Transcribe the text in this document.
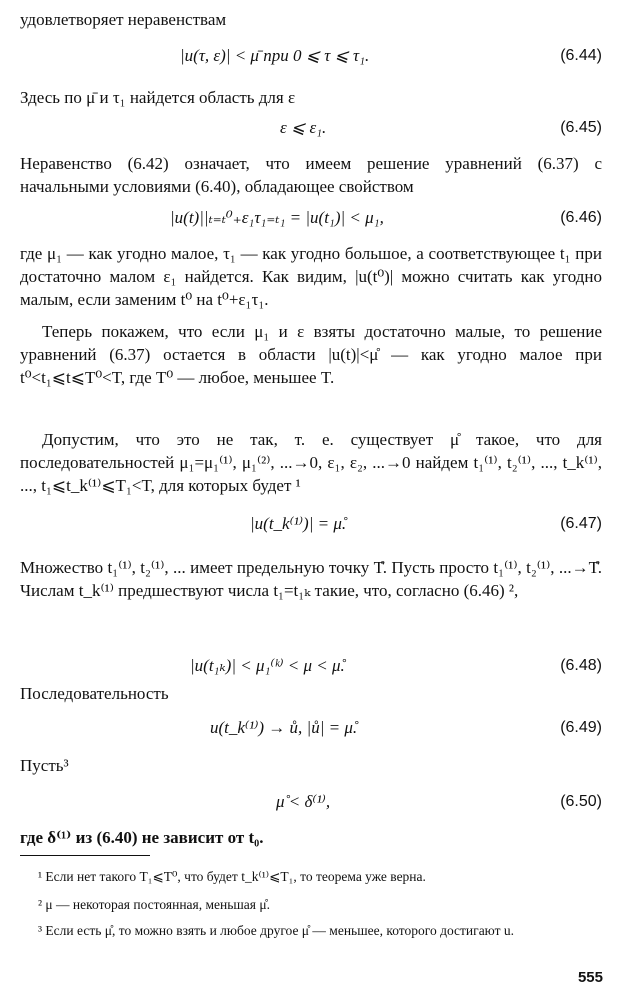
удовлетворяет неравенствам

|u(τ, ε)| < μ̄ при 0 ⩽ τ ⩽ τ₁.	(6.44)

Здесь по μ̄ и τ₁ найдется область для ε

ε ⩽ ε₁.	(6.45)

Неравенство (6.42) означает, что имеем решение уравнений (6.37) с начальными условиями (6.40), обладающее свойством

|u(t)||ₜ₌ₜ⁰₊ε₁τ₁₌ₜ₁ = |u(t₁)| < μ₁,	(6.46)

где μ₁ — как угодно малое, τ₁ — как угодно большое, а соответствующее t₁ при достаточно малом ε₁ найдется. Как видим, |u(t⁰)| можно считать как угодно малым, если заменим t⁰ на t⁰+ε₁τ₁.

Теперь покажем, что если μ₁ и ε взяты достаточно малые, то решение уравнений (6.37) остается в области |u(t)|<μ̊ — как угодно малое при t⁰<t₁⩽t⩽T⁰<T, где T⁰ — любое, меньшее T.

Допустим, что это не так, т. е. существует μ̊ такое, что для последовательностей μ₁=μ₁⁽¹⁾, μ₁⁽²⁾, ...→0, ε₁, ε₂, ...→0 найдем t₁⁽¹⁾, t₂⁽¹⁾, ..., t_k⁽¹⁾, ..., t₁⩽t_k⁽¹⁾⩽T₁<T, для которых будет ¹

|u(t_k⁽¹⁾)| = μ̊.	(6.47)

Множество t₁⁽¹⁾, t₂⁽¹⁾, ... имеет предельную точку T̊. Пусть просто t₁⁽¹⁾, t₂⁽¹⁾, ...→T̊. Числам t_k⁽¹⁾ предшествуют числа t₁=t₁ₖ такие, что, согласно (6.46) ²,

|u(t₁ₖ)| < μ₁⁽ᵏ⁾ < μ < μ̊.	(6.48)

Последовательность

u(t_k⁽¹⁾) → ů, |ů| = μ̊.	(6.49)

Пусть³

μ̊ < δ⁽¹⁾,	(6.50)

где δ⁽¹⁾ из (6.40) не зависит от t₀.

¹ Если нет такого T₁⩽T⁰, что будет t_k⁽¹⁾⩽T₁, то теорема уже верна.

² μ — некоторая постоянная, меньшая μ̊.

³ Если есть μ̊, то можно взять и любое другое μ̊ — меньшее, которого достигают u.

555
